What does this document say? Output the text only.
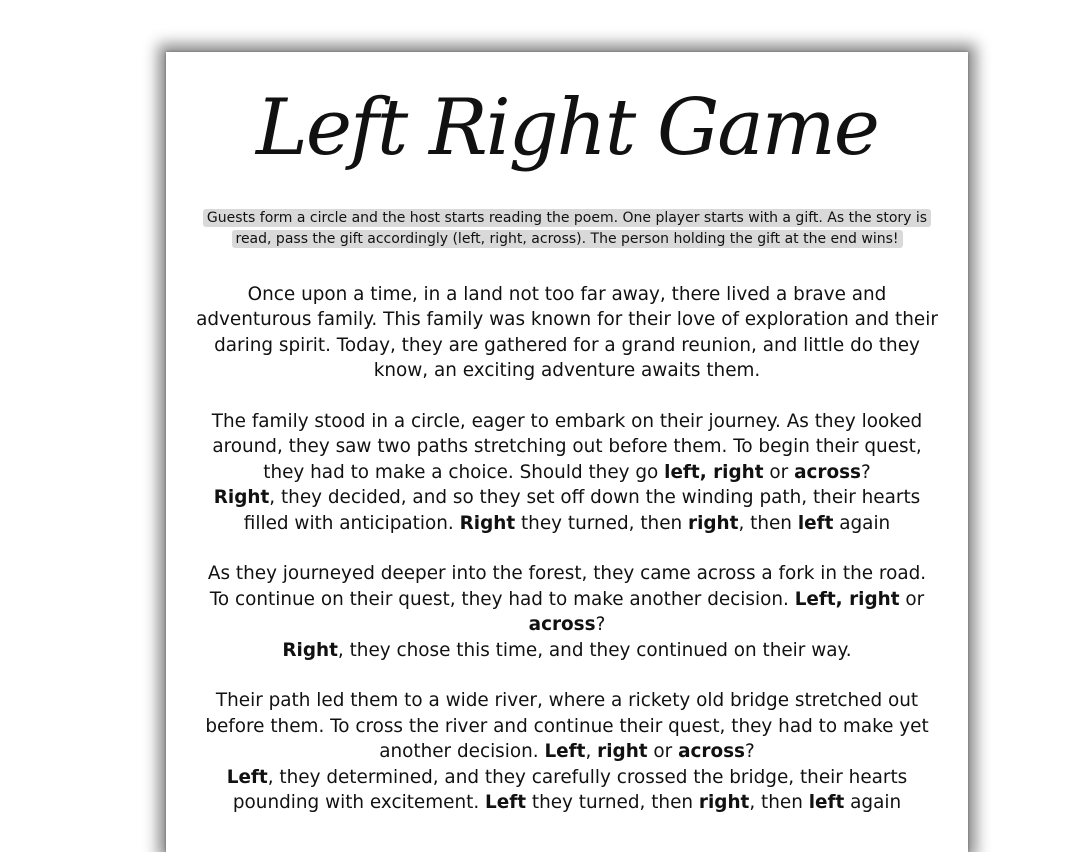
Left Right Game
Guests form a circle and the host starts reading the poem. One player starts with a gift. As the story is read, pass the gift accordingly (left, right, across). The person holding the gift at the end wins!

Once upon a time, in a land not too far away, there lived a brave and adventurous family. This family was known for their love of exploration and their daring spirit. Today, they are gathered for a grand reunion, and little do they know, an exciting adventure awaits them.

The family stood in a circle, eager to embark on their journey. As they looked around, they saw two paths stretching out before them. To begin their quest, they had to make a choice. Should they go left, right or across?
Right, they decided, and so they set off down the winding path, their hearts filled with anticipation. Right they turned, then right, then left again

As they journeyed deeper into the forest, they came across a fork in the road. To continue on their quest, they had to make another decision. Left, right or across?
Right, they chose this time, and they continued on their way.

Their path led them to a wide river, where a rickety old bridge stretched out before them. To cross the river and continue their quest, they had to make yet another decision. Left, right or across?
Left, they determined, and they carefully crossed the bridge, their hearts pounding with excitement. Left they turned, then right, then left again
